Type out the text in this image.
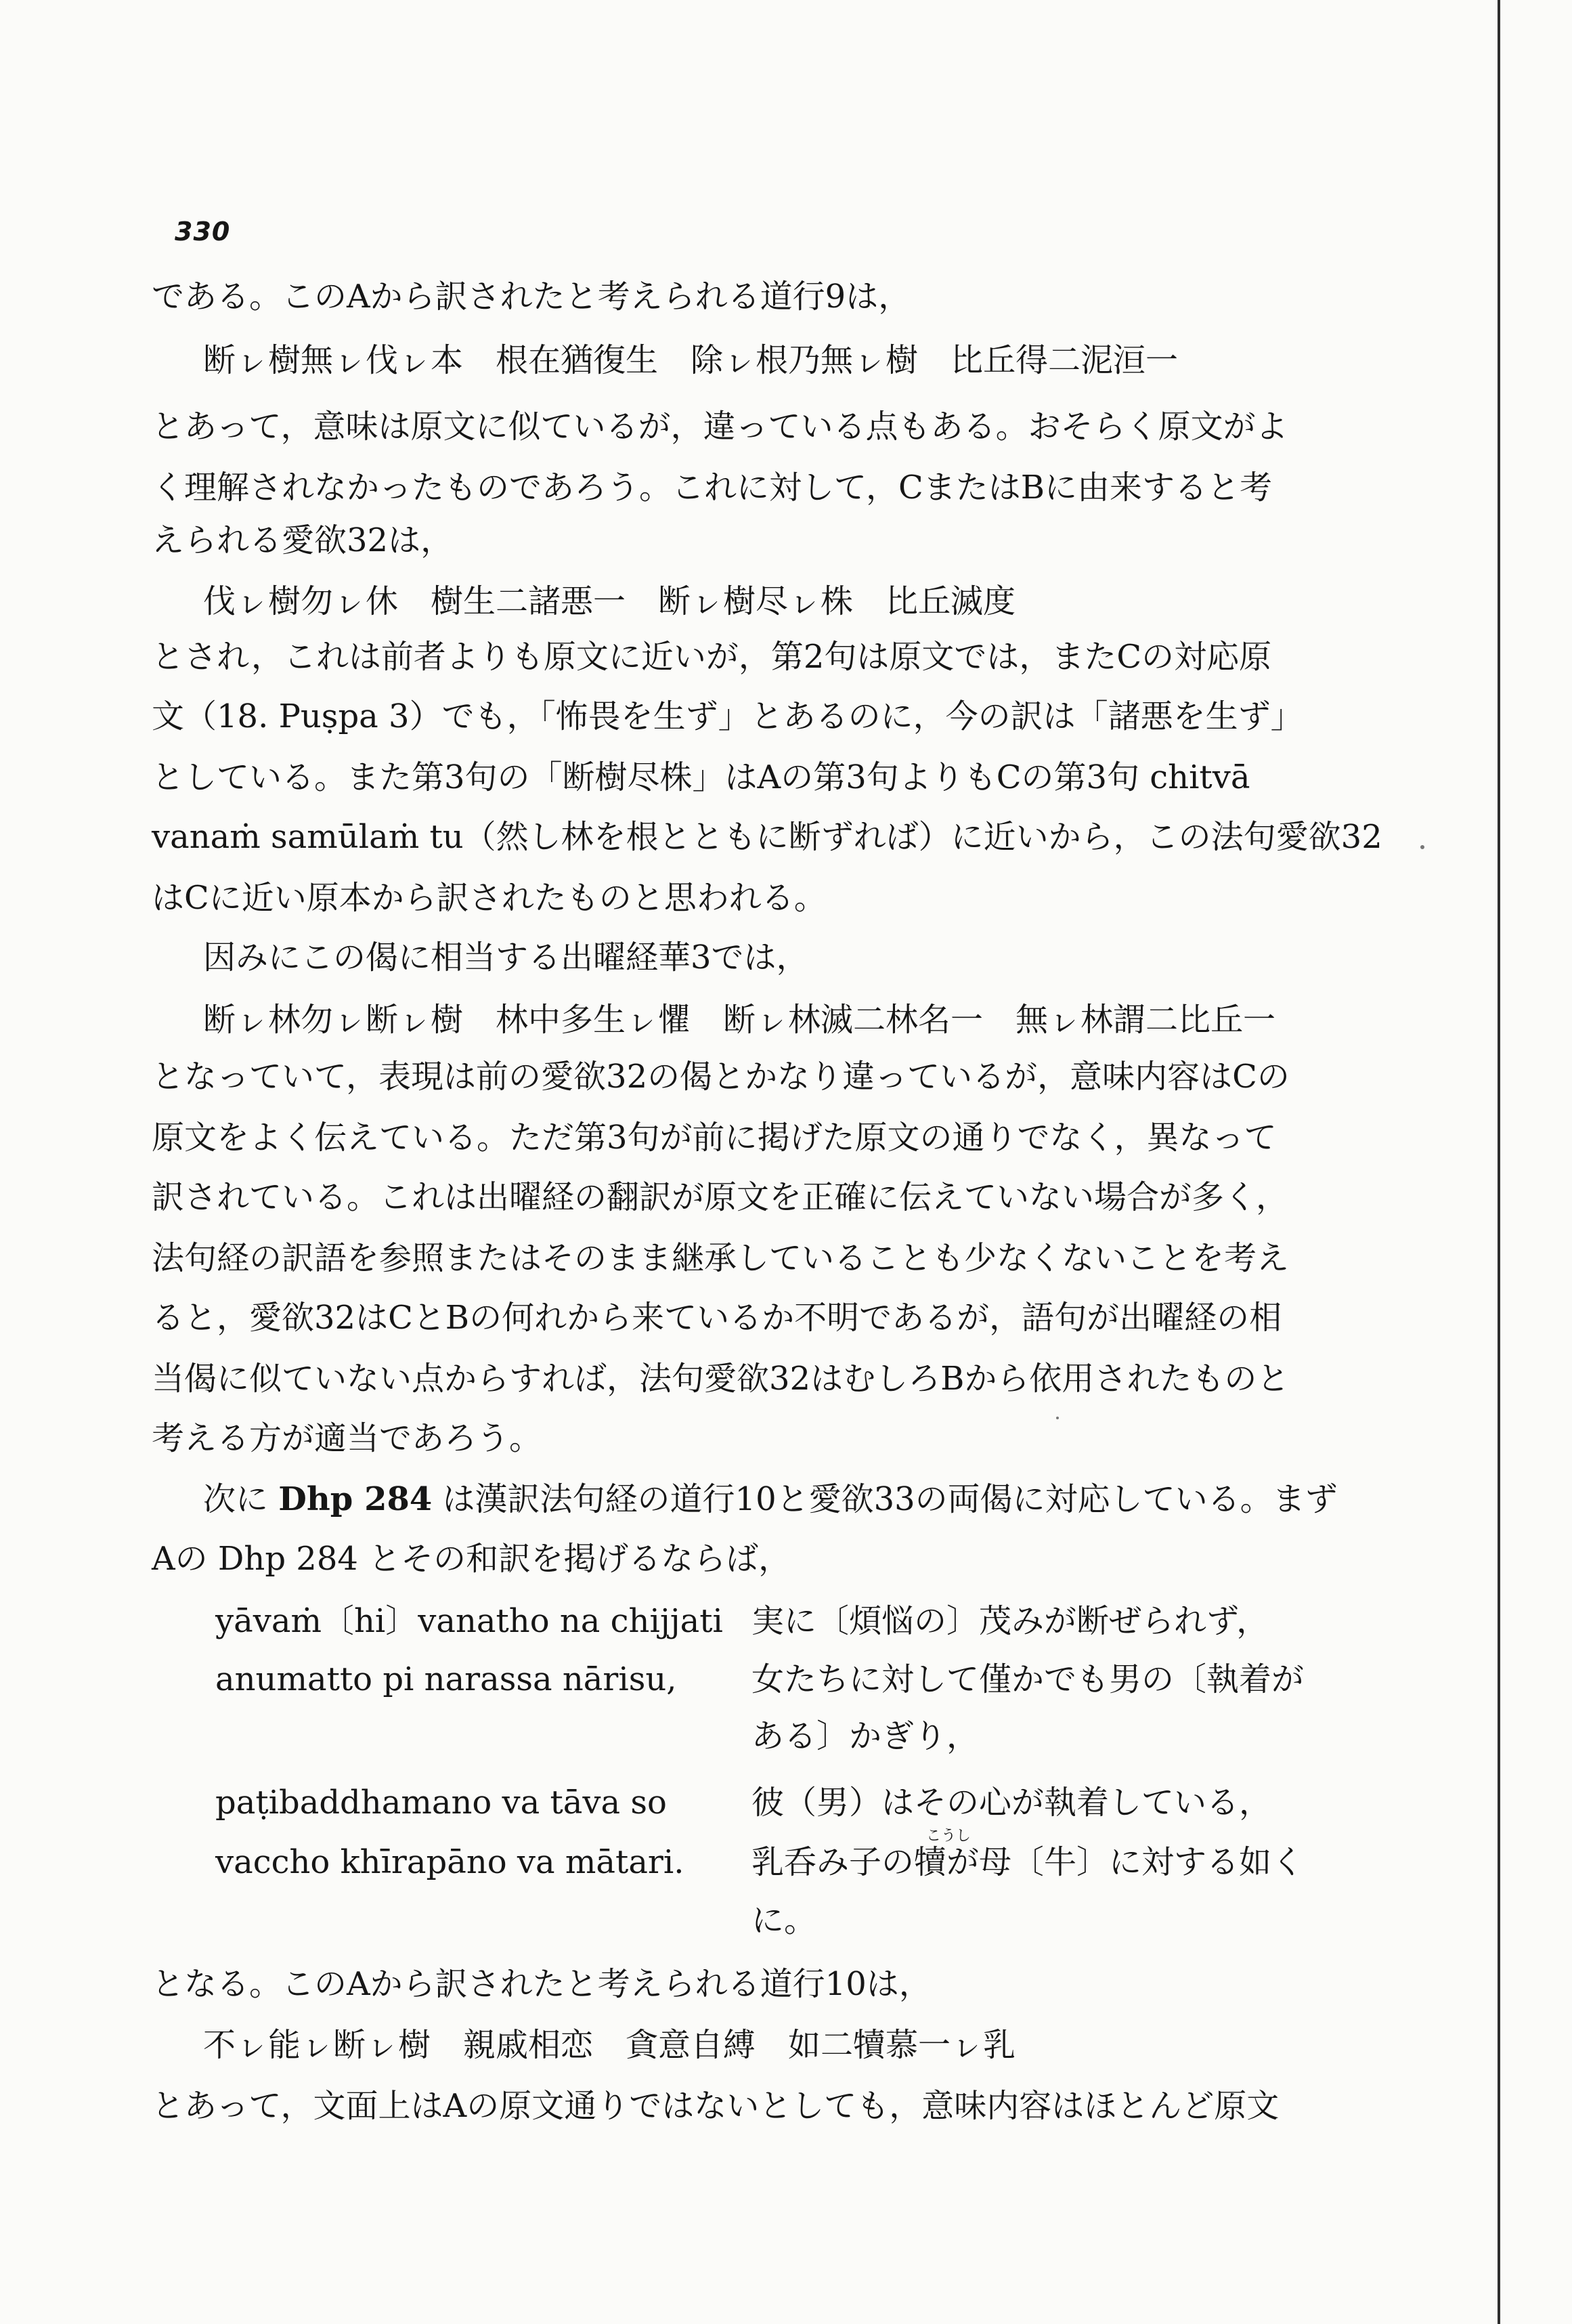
330
である。このAから訳されたと考えられる道行9は，
断ㇾ樹無ㇾ伐ㇾ本　根在猶復生　除ㇾ根乃無ㇾ樹　比丘得二泥洹一
とあって，意味は原文に似ているが，違っている点もある。おそらく原文がよ
く理解されなかったものであろう。これに対して，CまたはBに由来すると考
えられる愛欲32は，
伐ㇾ樹勿ㇾ休　樹生二諸悪一　断ㇾ樹尽ㇾ株　比丘滅度
とされ，これは前者よりも原文に近いが，第2句は原文では，またCの対応原
文（18. Puṣpa 3）でも，「怖畏を生ず」とあるのに，今の訳は「諸悪を生ず」
としている。また第3句の「断樹尽株」はAの第3句よりもCの第3句 chitvā
vanaṁ samūlaṁ tu（然し林を根とともに断ずれば）に近いから，この法句愛欲32
はCに近い原本から訳されたものと思われる。
因みにこの偈に相当する出曜経華3では，
断ㇾ林勿ㇾ断ㇾ樹　林中多生ㇾ懼　断ㇾ林滅二林名一　無ㇾ林謂二比丘一
となっていて，表現は前の愛欲32の偈とかなり違っているが，意味内容はCの
原文をよく伝えている。ただ第3句が前に掲げた原文の通りでなく，異なって
訳されている。これは出曜経の翻訳が原文を正確に伝えていない場合が多く，
法句経の訳語を参照またはそのまま継承していることも少なくないことを考え
ると，愛欲32はCとBの何れから来ているか不明であるが，語句が出曜経の相
当偈に似ていない点からすれば，法句愛欲32はむしろBから依用されたものと
考える方が適当であろう。
次に Dhp 284 は漢訳法句経の道行10と愛欲33の両偈に対応している。まず
Aの Dhp 284 とその和訳を掲げるならば，
yāvaṁ〔hi〕vanatho na chijjati 実に〔煩悩の〕茂みが断ぜられず，
anumatto pi narassa nārisu, 女たちに対して僅かでも男の〔執着が
ある〕かぎり，
paṭibaddhamano va tāva so	彼（男）はその心が執着している，
こうし
vaccho khīrapāno va mātari. 乳呑み子の犢が母〔牛〕に対する如く
に。
となる。このAから訳されたと考えられる道行10は，
不ㇾ能ㇾ断ㇾ樹　親戚相恋　貪意自縛　如二犢慕一ㇾ乳
とあって，文面上はAの原文通りではないとしても，意味内容はほとんど原文
